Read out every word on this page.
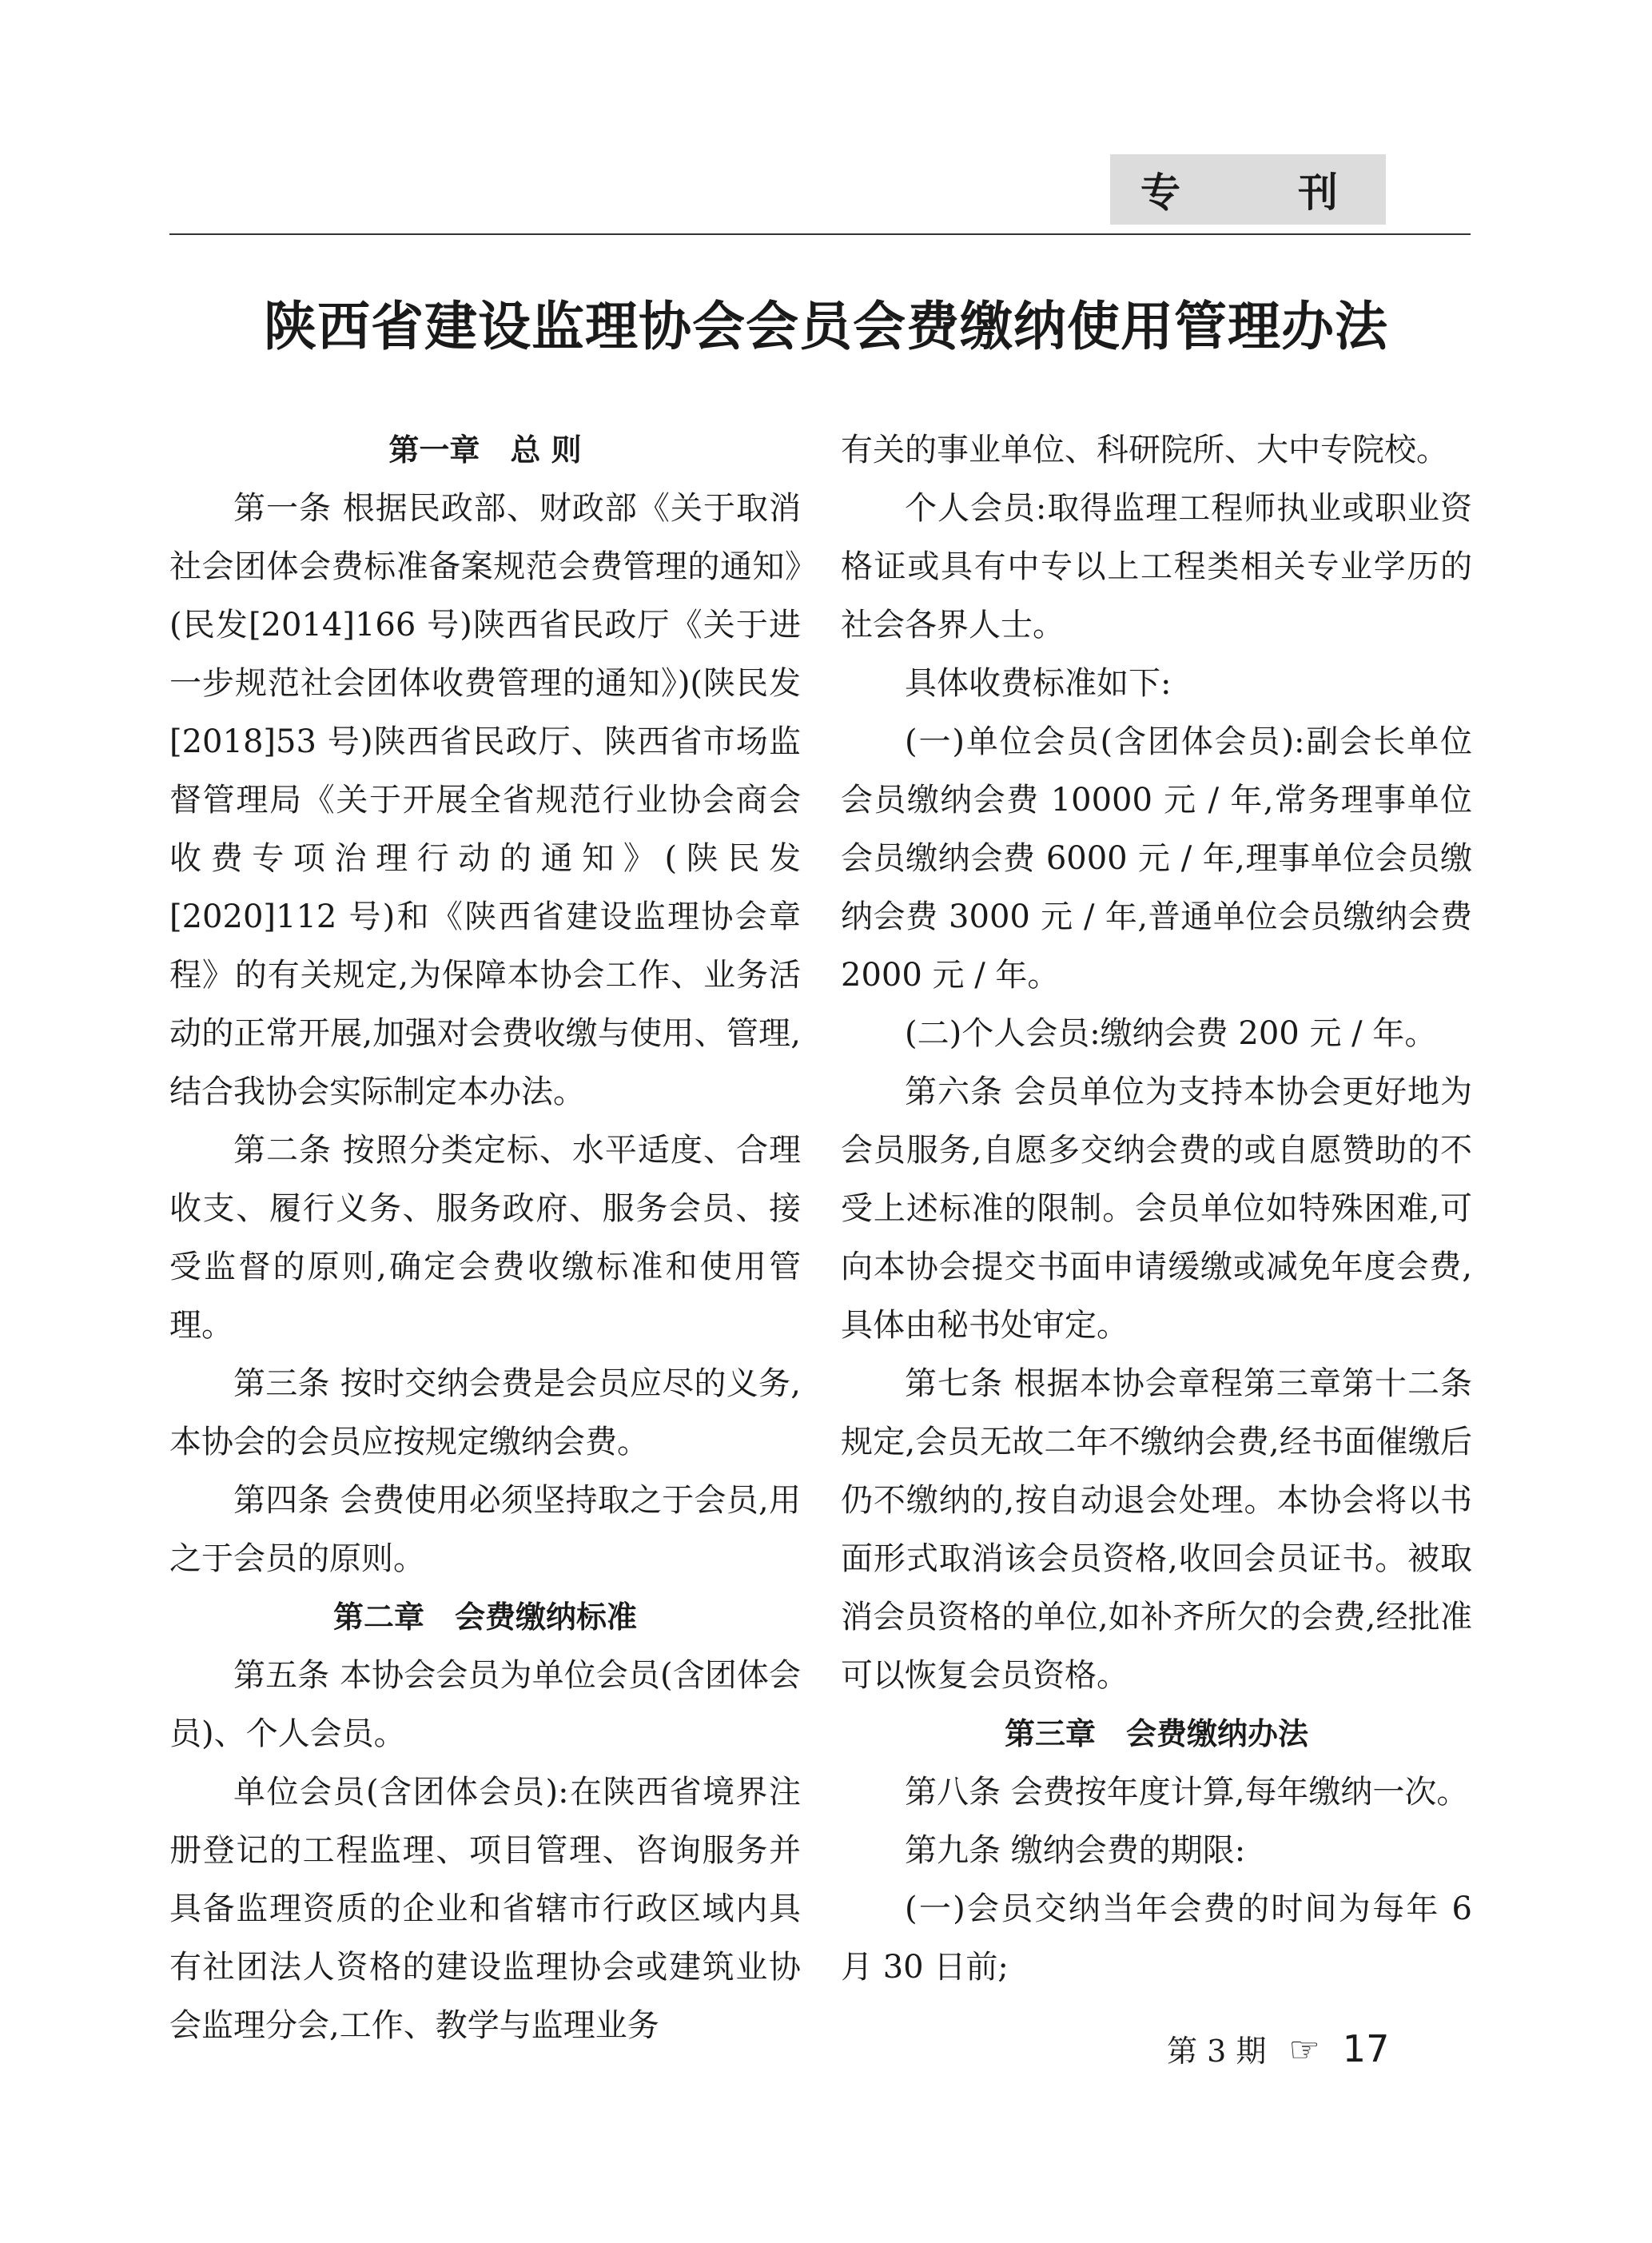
专	刊
陕西省建设监理协会会员会费缴纳使用管理办法

第一章　总 则

第一条 根据民政部、财政部《关于取消社会团体会费标准备案规范会费管理的通知》(民发[2014]166 号)陕西省民政厅《关于进一步规范社会团体收费管理的通知》)(陕民发[2018]53 号)陕西省民政厅、陕西省市场监督管理局《关于开展全省规范行业协会商会收费专项治理行动的通知》(陕民发[2020]112 号)和《陕西省建设监理协会章程》的有关规定,为保障本协会工作、业务活动的正常开展,加强对会费收缴与使用、管理,结合我协会实际制定本办法。

第二条 按照分类定标、水平适度、合理收支、履行义务、服务政府、服务会员、接受监督的原则,确定会费收缴标准和使用管理。

第三条 按时交纳会费是会员应尽的义务,本协会的会员应按规定缴纳会费。

第四条 会费使用必须坚持取之于会员,用之于会员的原则。

第二章　会费缴纳标准

第五条 本协会会员为单位会员(含团体会员)、个人会员。

单位会员(含团体会员):在陕西省境界注册登记的工程监理、项目管理、咨询服务并具备监理资质的企业和省辖市行政区域内具有社团法人资格的建设监理协会或建筑业协会监理分会,工作、教学与监理业务

有关的事业单位、科研院所、大中专院校。

个人会员:取得监理工程师执业或职业资格证或具有中专以上工程类相关专业学历的社会各界人士。

具体收费标准如下:

(一)单位会员(含团体会员):副会长单位会员缴纳会费 10000 元 / 年,常务理事单位会员缴纳会费 6000 元 / 年,理事单位会员缴纳会费 3000 元 / 年,普通单位会员缴纳会费 2000 元 / 年。

(二)个人会员:缴纳会费 200 元 / 年。

第六条 会员单位为支持本协会更好地为会员服务,自愿多交纳会费的或自愿赞助的不受上述标准的限制。会员单位如特殊困难,可向本协会提交书面申请缓缴或减免年度会费,具体由秘书处审定。

第七条 根据本协会章程第三章第十二条规定,会员无故二年不缴纳会费,经书面催缴后仍不缴纳的,按自动退会处理。本协会将以书面形式取消该会员资格,收回会员证书。被取消会员资格的单位,如补齐所欠的会费,经批准可以恢复会员资格。

第三章　会费缴纳办法

第八条 会费按年度计算,每年缴纳一次。

第九条 缴纳会费的期限:

(一)会员交纳当年会费的时间为每年 6 月 30 日前;

第 3 期 ☞ 17
